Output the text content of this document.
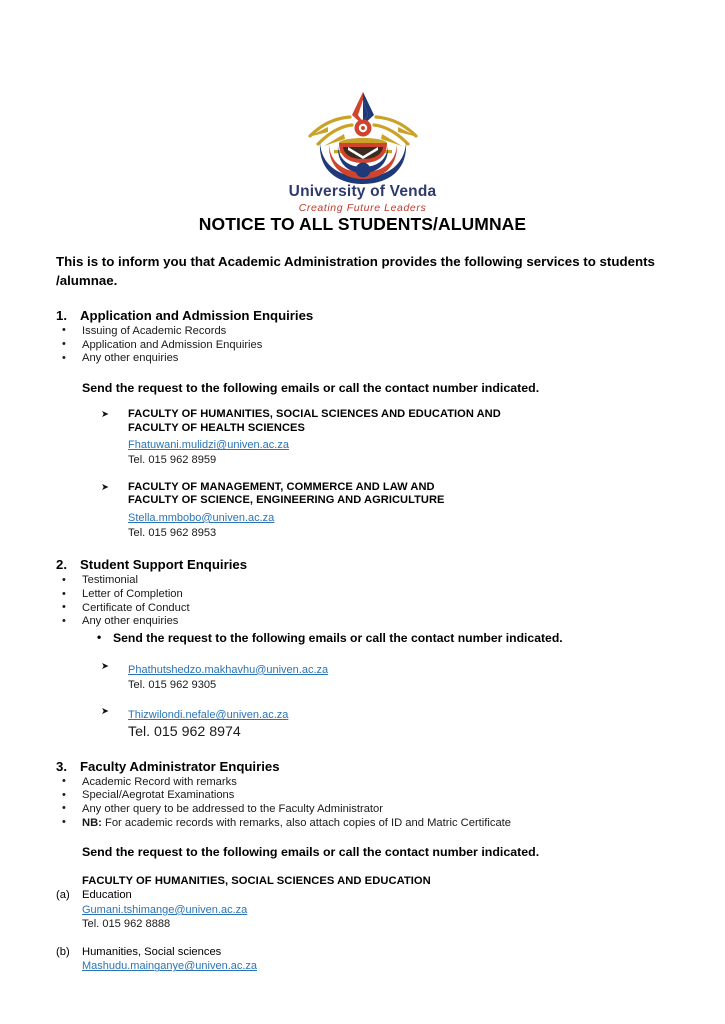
University of Venda
Creating Future Leaders
NOTICE TO ALL STUDENTS/ALUMNAE

This is to inform you that Academic Administration provides the following services to students /alumnae.

1. Application and Admission Enquiries
• Issuing of Academic Records
• Application and Admission Enquiries
• Any other enquiries
Send the request to the following emails or call the contact number indicated.
➤ FACULTY OF HUMANITIES, SOCIAL SCIENCES AND EDUCATION AND
FACULTY OF HEALTH SCIENCES
Fhatuwani.mulidzi@univen.ac.za
Tel. 015 962 8959
➤ FACULTY OF MANAGEMENT, COMMERCE AND LAW AND
FACULTY OF SCIENCE, ENGINEERING AND AGRICULTURE
Stella.mmbobo@univen.ac.za
Tel. 015 962 8953
2. Student Support Enquiries
• Testimonial
• Letter of Completion
• Certificate of Conduct
• Any other enquiries
• Send the request to the following emails or call the contact number indicated.
➤ Phathutshedzo.makhavhu@univen.ac.za
Tel. 015 962 9305
➤ Thizwilondi.nefale@univen.ac.za
Tel. 015 962 8974
3. Faculty Administrator Enquiries
• Academic Record with remarks
• Special/Aegrotat Examinations
• Any other query to be addressed to the Faculty Administrator
• NB: For academic records with remarks, also attach copies of ID and Matric Certificate
Send the request to the following emails or call the contact number indicated.
FACULTY OF HUMANITIES, SOCIAL SCIENCES AND EDUCATION
(a) Education
Gumani.tshimange@univen.ac.za
Tel. 015 962 8888
(b) Humanities, Social sciences
Mashudu.mainganye@univen.ac.za
